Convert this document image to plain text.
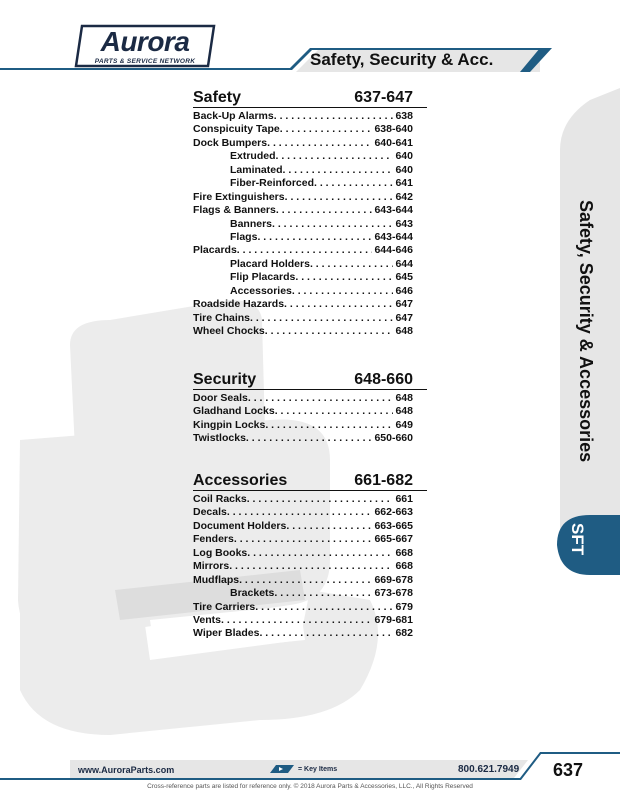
Aurora
PARTS & SERVICE NETWORK	Safety, Security & Acc.
Safety, Security & Accessories
SFT
Safety	637-647
Back-Up Alarms . . .	638
Conspicuity Tape . . .	638-640
Dock Bumpers . . .	640-641
Extruded . . .	640
Laminated . . .	640
Fiber-Reinforced . . .	641
Fire Extinguishers . . .	642
Flags & Banners . . .	643-644
Banners . . .	643
Flags . . .	643-644
Placards . . .	644-646
Placard Holders . . .	644
Flip Placards . . .	645
Accessories . . .	646
Roadside Hazards . . .	647
Tire Chains . . .	647
Wheel Chocks . . .	648
Security	648-660
Door Seals . . .	648
Gladhand Locks . . .	648
Kingpin Locks . . .	649
Twistlocks . . .	650-660
Accessories	661-682
Coil Racks . . .	661
Decals . . .	662-663
Document Holders . . .	663-665
Fenders . . .	665-667
Log Books . . .	668
Mirrors . . .	668
Mudflaps . . .	669-678
Brackets . . .	673-678
Tire Carriers . . .	679
Vents . . .	679-681
Wiper Blades . . .	682
www.AuroraParts.com	= Key Items	800.621.7949 637
Cross-reference parts are listed for reference only. © 2018 Aurora Parts & Accessories, LLC., All Rights Reserved
